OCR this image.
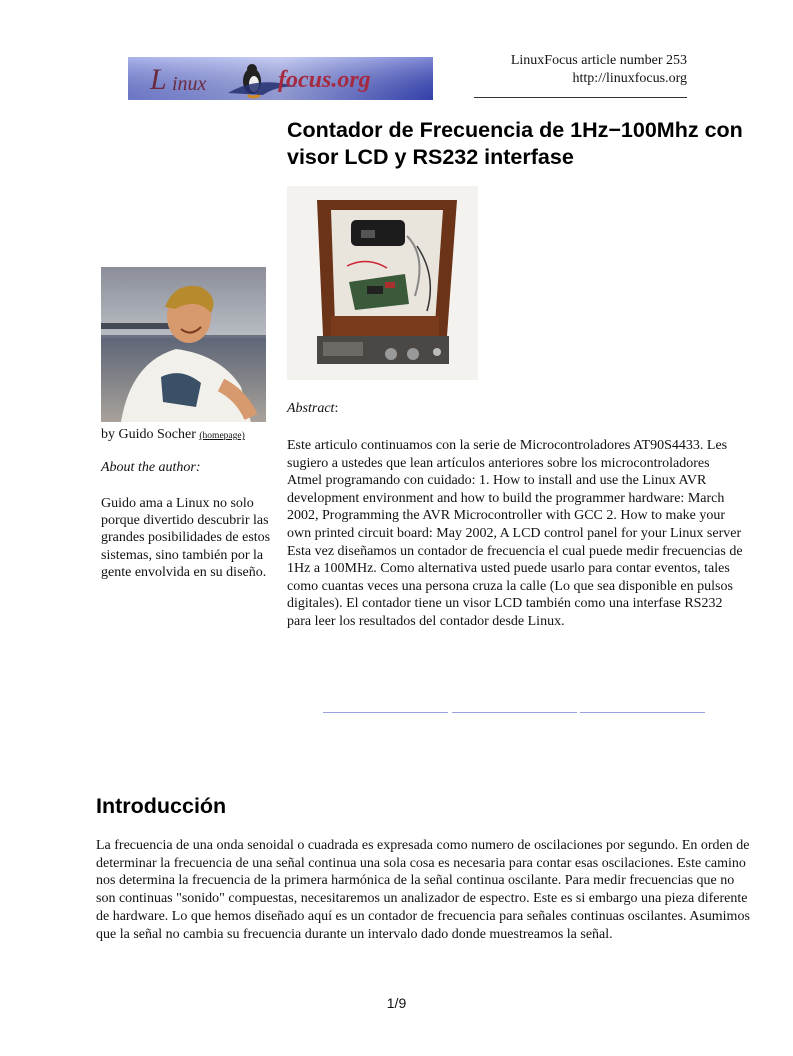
L inux	focus.org
LinuxFocus article number 253
http://linuxfocus.org
Contador de Frecuencia de 1Hz−100Mhz con visor LCD y RS232 interfase
by Guido Socher (homepage)
About the author:

Guido ama a Linux no solo porque divertido descubrir las grandes posibilidades de estos sistemas, sino también por la gente envolvida en su diseño.

Abstract:

Este articulo continuamos con la serie de Microcontroladores AT90S4433. Les sugiero a ustedes que lean artículos anteriores sobre los microcontroladores Atmel programando con cuidado: 1. How to install and use the Linux AVR development environment and how to build the programmer hardware: March 2002, Programming the AVR Microcontroller with GCC 2. How to make your own printed circuit board: May 2002, A LCD control panel for your Linux server Esta vez diseñamos un contador de frecuencia el cual puede medir frecuencias de 1Hz a 100MHz. Como alternativa usted puede usarlo para contar eventos, tales como cuantas veces una persona cruza la calle (Lo que sea disponible en pulsos digitales). El contador tiene un visor LCD también como una interfase RS232 para leer los resultados del contador desde Linux.

Introducción

La frecuencia de una onda senoidal o cuadrada es expresada como numero de oscilaciones por segundo. En orden de determinar la frecuencia de una señal continua una sola cosa es necesaria para contar esas oscilaciones. Este camino nos determina la frecuencia de la primera harmónica de la señal continua oscilante. Para medir frecuencias que no son continuas "sonido" compuestas, necesitaremos un analizador de espectro. Este es si embargo una pieza diferente de hardware. Lo que hemos diseñado aquí es un contador de frecuencia para señales continuas oscilantes. Asumimos que la señal no cambia su frecuencia durante un intervalo dado donde muestreamos la señal.

1/9
